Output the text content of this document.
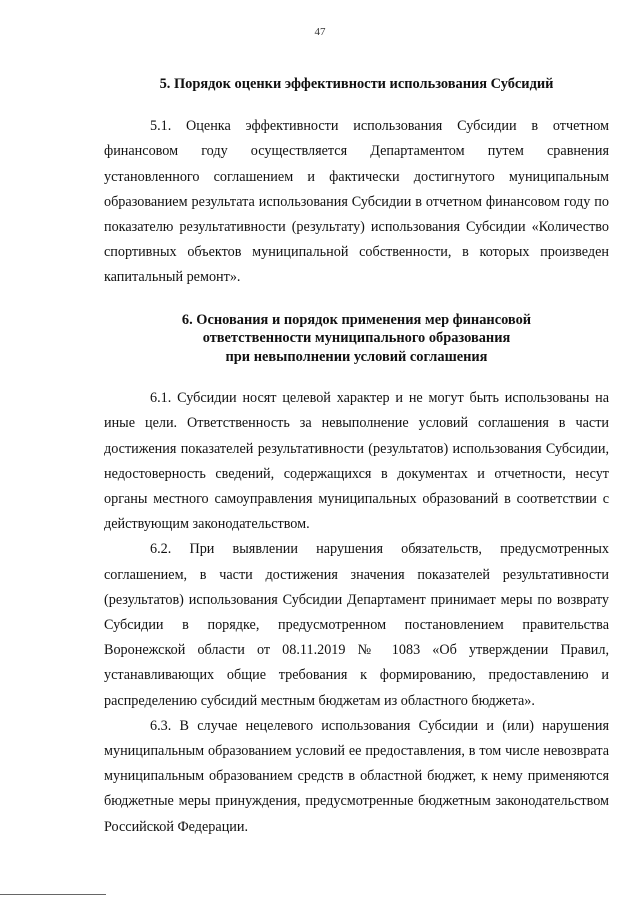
47
5. Порядок оценки эффективности использования Субсидий

5.1. Оценка эффективности использования Субсидии в отчетном финансовом году осуществляется Департаментом путем сравнения установленного соглашением и фактически достигнутого муниципальным образованием результата использования Субсидии в отчетном финансовом году по показателю результативности (результату) использования Субсидии «Количество спортивных объектов муниципальной собственности, в которых произведен капитальный ремонт».

6. Основания и порядок применения мер финансовой
ответственности муниципального образования
при невыполнении условий соглашения

6.1. Субсидии носят целевой характер и не могут быть использованы на иные цели. Ответственность за невыполнение условий соглашения в части достижения показателей результативности (результатов) использования Субсидии, недостоверность сведений, содержащихся в документах и отчетности, несут органы местного самоуправления муниципальных образований в соответствии с действующим законодательством.

6.2. При выявлении нарушения обязательств, предусмотренных соглашением, в части достижения значения показателей результативности (результатов) использования Субсидии Департамент принимает меры по возврату Субсидии в порядке, предусмотренном постановлением правительства Воронежской области от 08.11.2019 № 1083 «Об утверждении Правил, устанавливающих общие требования к формированию, предоставлению и распределению субсидий местным бюджетам из областного бюджета».

6.3. В случае нецелевого использования Субсидии и (или) нарушения муниципальным образованием условий ее предоставления, в том числе невозврата муниципальным образованием средств в областной бюджет, к нему применяются бюджетные меры принуждения, предусмотренные бюджетным законодательством Российской Федерации.
